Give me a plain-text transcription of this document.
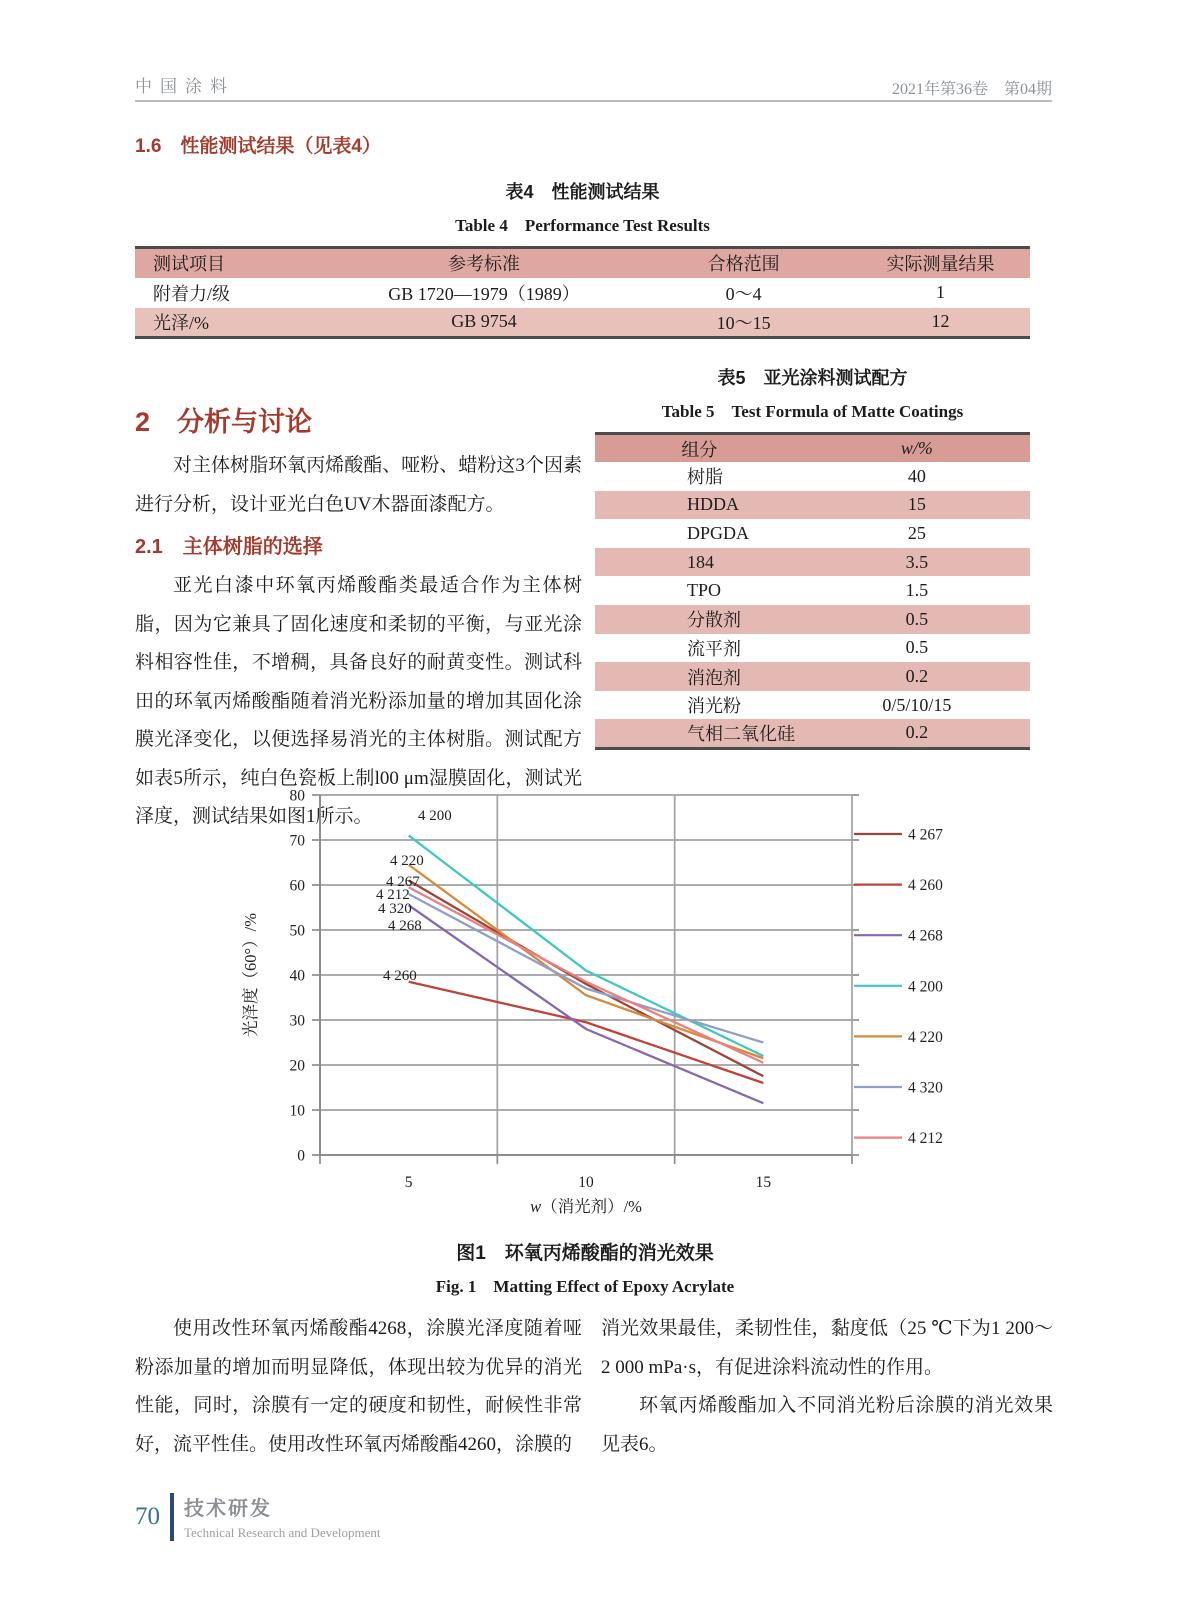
中国涂料	2021年第36卷　第04期
1.6　性能测试结果（见表4）
表4　性能测试结果
Table 4　Performance Test Results
测试项目	参考标准	合格范围	实际测量结果
附着力/级	GB 1720—1979（1989）	0～4	1
光泽/%	GB 9754	10～15	12
2　分析与讨论

对主体树脂环氧丙烯酸酯、哑粉、蜡粉这3个因素进行分析，设计亚光白色UV木器面漆配方。

2.1　主体树脂的选择

亚光白漆中环氧丙烯酸酯类最适合作为主体树脂，因为它兼具了固化速度和柔韧的平衡，与亚光涂料相容性佳，不增稠，具备良好的耐黄变性。测试科田的环氧丙烯酸酯随着消光粉添加量的增加其固化涂膜光泽变化，以便选择易消光的主体树脂。测试配方如表5所示，纯白色瓷板上制l00 μm湿膜固化，测试光泽度，测试结果如图1所示。

表5　亚光涂料测试配方
Table 5　Test Formula of Matte Coatings
组分	w/%
树脂	40
HDDA	15
DPGDA	25
184	3.5
TPO	1.5
分散剂	0.5
流平剂	0.5
消泡剂	0.2
消光粉	0/5/10/15
气相二氧化硅	0.2
0
10
20
30
40
50
60
70
80
5	10	15
4 267
4 267
4 260
4 260
4 268
4 268
4 200
4 200
4 220
4 220
4 320
4 320
4 212
4 212
光泽度（60°）/%
w（消光剂）/%
图1　环氧丙烯酸酯的消光效果
Fig. 1　Matting Effect of Epoxy Acrylate

使用改性环氧丙烯酸酯4268，涂膜光泽度随着哑粉添加量的增加而明显降低，体现出较为优异的消光性能，同时，涂膜有一定的硬度和韧性，耐候性非常好，流平性佳。使用改性环氧丙烯酸酯4260，涂膜的

消光效果最佳，柔韧性佳，黏度低（25 ℃下为1 200～2 000 mPa·s，有促进涂料流动性的作用。

环氧丙烯酸酯加入不同消光粉后涂膜的消光效果见表6。

70 技术研发
Technical Research and Development
